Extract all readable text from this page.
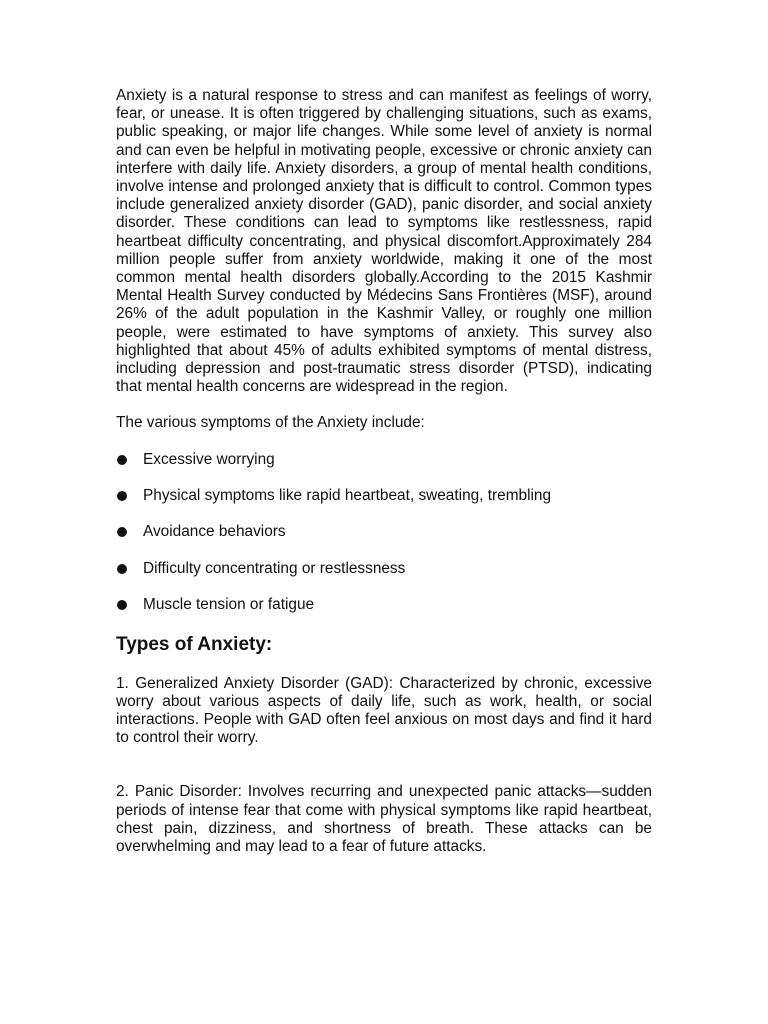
Anxiety is a natural response to stress and can manifest as feelings of worry, fear, or unease. It is often triggered by challenging situations, such as exams, public speaking, or major life changes. While some level of anxiety is normal and can even be helpful in motivating people, excessive or chronic anxiety can interfere with daily life. Anxiety disorders, a group of mental health conditions, involve intense and prolonged anxiety that is difficult to control. Common types include generalized anxiety disorder (GAD), panic disorder, and social anxiety disorder. These conditions can lead to symptoms like restlessness, rapid heartbeat difficulty concentrating, and physical discomfort.Approximately 284 million people suffer from anxiety worldwide, making it one of the most common mental health disorders globally.According to the 2015 Kashmir Mental Health Survey conducted by Médecins Sans Frontières (MSF), around 26% of the adult population in the Kashmir Valley, or roughly one million people, were estimated to have symptoms of anxiety. This survey also highlighted that about 45% of adults exhibited symptoms of mental distress, including depression and post-traumatic stress disorder (PTSD), indicating that mental health concerns are widespread in the region.

The various symptoms of the Anxiety include:

Excessive worrying
Physical symptoms like rapid heartbeat, sweating, trembling
Avoidance behaviors
Difficulty concentrating or restlessness
Muscle tension or fatigue
Types of Anxiety:

1. Generalized Anxiety Disorder (GAD): Characterized by chronic, excessive worry about various aspects of daily life, such as work, health, or social interactions. People with GAD often feel anxious on most days and find it hard to control their worry.

2. Panic Disorder: Involves recurring and unexpected panic attacks—sudden periods of intense fear that come with physical symptoms like rapid heartbeat, chest pain, dizziness, and shortness of breath. These attacks can be overwhelming and may lead to a fear of future attacks.
